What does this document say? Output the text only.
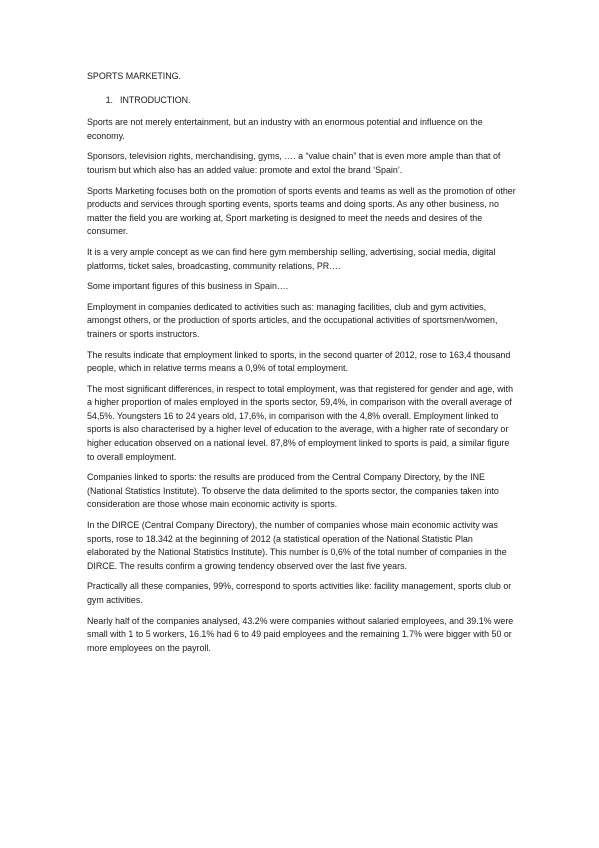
SPORTS MARKETING.
1. INTRODUCTION.

Sports are not merely entertainment, but an industry with an enormous potential and influence on the economy.

Sponsors, television rights, merchandising, gyms, …. a “value chain” that is even more ample than that of tourism but which also has an added value: promote and extol the brand ‘Spain’.

Sports Marketing focuses both on the promotion of sports events and teams as well as the promotion of other products and services through sporting events, sports teams and doing sports. As any other business, no matter the field you are working at, Sport marketing is designed to meet the needs and desires of the consumer.

It is a very ample concept as we can find here gym membership selling, advertising, social media, digital platforms, ticket sales, broadcasting, community relations, PR….

Some important figures of this business in Spain….

Employment in companies dedicated to activities such as: managing facilities, club and gym activities, amongst others, or the production of sports articles, and the occupational activities of sportsmen/women, trainers or sports instructors.

The results indicate that employment linked to sports, in the second quarter of 2012, rose to 163,4 thousand people, which in relative terms means a 0,9% of total employment.

The most significant differences, in respect to total employment, was that registered for gender and age, with a higher proportion of males employed in the sports sector, 59,4%, in comparison with the overall average of 54,5%. Youngsters 16 to 24 years old, 17,6%, in comparison with the 4,8% overall. Employment linked to sports is also characterised by a higher level of education to the average, with a higher rate of secondary or higher education observed on a national level. 87,8% of employment linked to sports is paid, a similar figure to overall employment.

Companies linked to sports: the results are produced from the Central Company Directory, by the INE (National Statistics Institute). To observe the data delimited to the sports sector, the companies taken into consideration are those whose main economic activity is sports.

In the DIRCE (Central Company Directory), the number of companies whose main economic activity was sports, rose to 18.342 at the beginning of 2012 (a statistical operation of the National Statistic Plan elaborated by the National Statistics Institute). This number is 0,6% of the total number of companies in the DIRCE. The results confirm a growing tendency observed over the last five years.

Practically all these companies, 99%, correspond to sports activities like: facility management, sports club or gym activities.

Nearly half of the companies analysed, 43.2% were companies without salaried employees, and 39.1% were small with 1 to 5 workers, 16.1% had 6 to 49 paid employees and the remaining 1.7% were bigger with 50 or more employees on the payroll.
